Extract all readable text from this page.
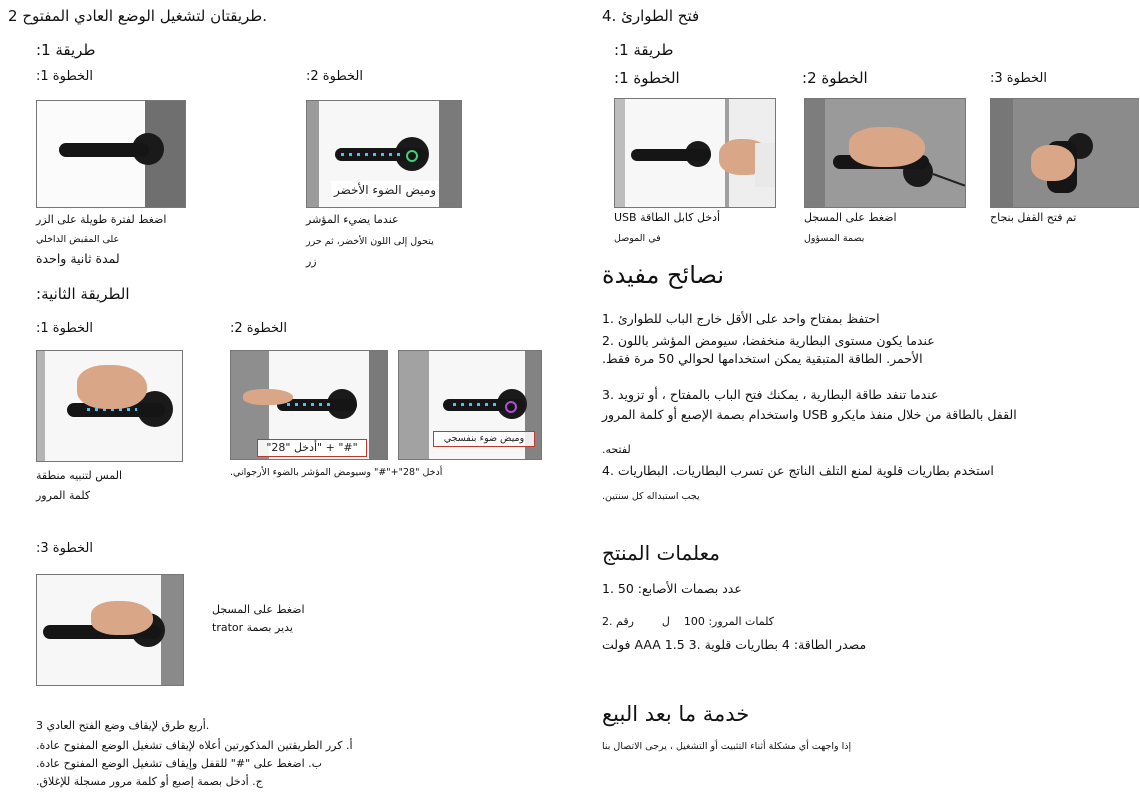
طريقتان لتشغيل الوضع العادي المفتوح 2.
:طريقة 1
:الخطوة 1	:الخطوة 2
وميض الضوء الأخضر
اضغط لفترة طويلة على الزر
على المقبض الداخلي
لمدة ثانية واحدة
عندما يضيء المؤشر
يتحول إلى اللون الأخضر، ثم حرر
زر
:الطريقة الثانية
:الخطوة 1	:الخطوة 2
"28" أدخل" + "#"
وميض ضوء بنفسجي
المس لتنبيه منطقة
كلمة المرور
.أدخل "28"+"#" وسيومض المؤشر بالضوء الأرجواني
:الخطوة 3
اضغط على المسجل
trator يدير بصمة
أربع طرق لإيقاف وضع الفتح العادي 3.
.أ. كرر الطريقتين المذكورتين أعلاه لإيقاف تشغيل الوضع المفتوح عادة
.ب. اضغط على "#" للقفل وإيقاف تشغيل الوضع المفتوح عادة
.ج. أدخل بصمة إصبع أو كلمة مرور مسجلة للإغلاق
فتح الطوارئ .4
:طريقة 1
:الخطوة 1	:الخطوة 2	:الخطوة 3
USB أدخل كابل الطاقة
في الموصل
اضغط على المسجل
بصمة المسؤول
تم فتح القفل بنجاح
نصائح مفيدة
احتفظ بمفتاح واحد على الأقل خارج الباب للطوارئ .1
عندما يكون مستوى البطارية منخفضا، سيومض المؤشر باللون .2
.الأحمر. الطاقة المتبقية يمكن استخدامها لحوالي 50 مرة فقط
عندما تنفد طاقة البطارية ، يمكنك فتح الباب بالمفتاح ، أو تزويد .3
واستخدام بصمة الإصبع أو كلمة المرور USB القفل بالطاقة من خلال منفذ مايكرو
.لفتحه
استخدم بطاريات قلوية لمنع التلف الناتج عن تسرب البطاريات. البطاريات .4
.يجب استبداله كل سنتين
معلمات المنتج
عدد بصمات الأصابع: 50 .1
كلمات المرور: 100    ل        رقم .2
فولت AAA 1.5 مصدر الطاقة: 4 بطاريات قلوية .3
خدمة ما بعد البيع
إذا واجهت أي مشكلة أثناء التثبيت أو التشغيل ، يرجى الاتصال بنا
